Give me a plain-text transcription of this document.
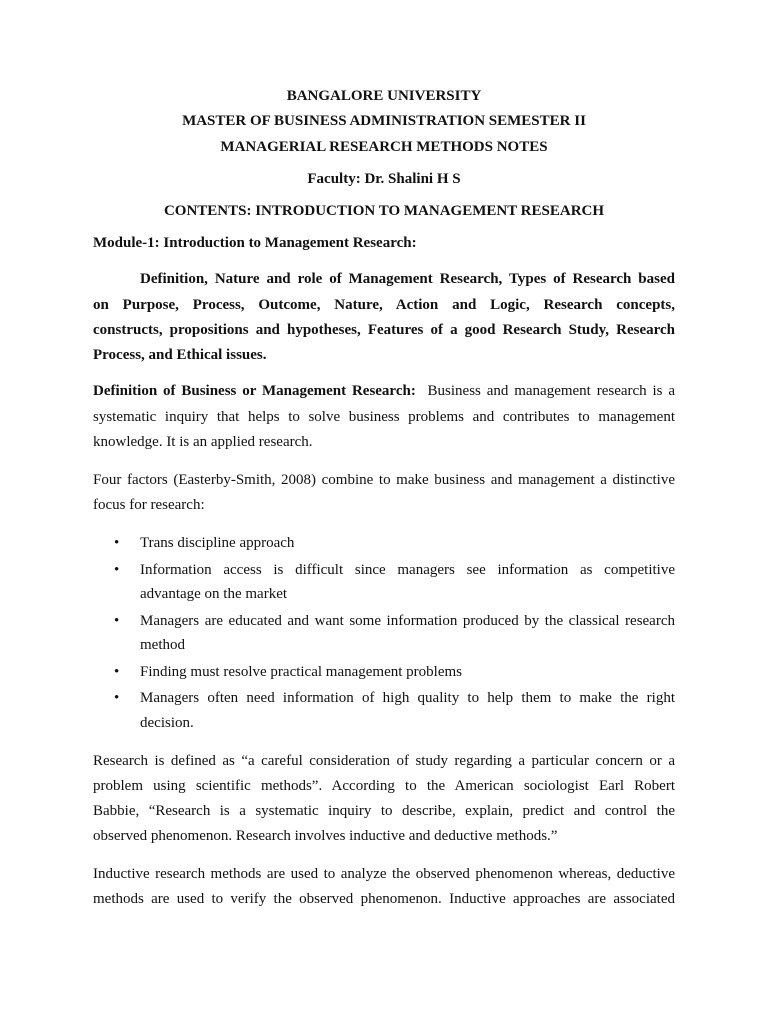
BANGALORE UNIVERSITY
MASTER OF BUSINESS ADMINISTRATION SEMESTER II
MANAGERIAL RESEARCH METHODS NOTES
Faculty: Dr. Shalini H S
CONTENTS: INTRODUCTION TO MANAGEMENT RESEARCH
Module-1: Introduction to Management Research:
Definition, Nature and role of Management Research, Types of Research based
on Purpose, Process, Outcome, Nature, Action and Logic, Research concepts,
constructs, propositions and hypotheses, Features of a good Research Study, Research
Process, and Ethical issues.
Definition of Business or Management Research: Business and management research is a
systematic inquiry that helps to solve business problems and contributes to management
knowledge. It is an applied research.
Four factors (Easterby-Smith, 2008) combine to make business and management a distinctive
focus for research:
•	Trans discipline approach
•	Information access is difficult since managers see information as competitive
advantage on the market
•	Managers are educated and want some information produced by the classical research
method
•	Finding must resolve practical management problems
•	Managers often need information of high quality to help them to make the right
decision.
Research is defined as “a careful consideration of study regarding a particular concern or a
problem using scientific methods”. According to the American sociologist Earl Robert
Babbie, “Research is a systematic inquiry to describe, explain, predict and control the
observed phenomenon. Research involves inductive and deductive methods.”
Inductive research methods are used to analyze the observed phenomenon whereas, deductive
methods are used to verify the observed phenomenon. Inductive approaches are associated
